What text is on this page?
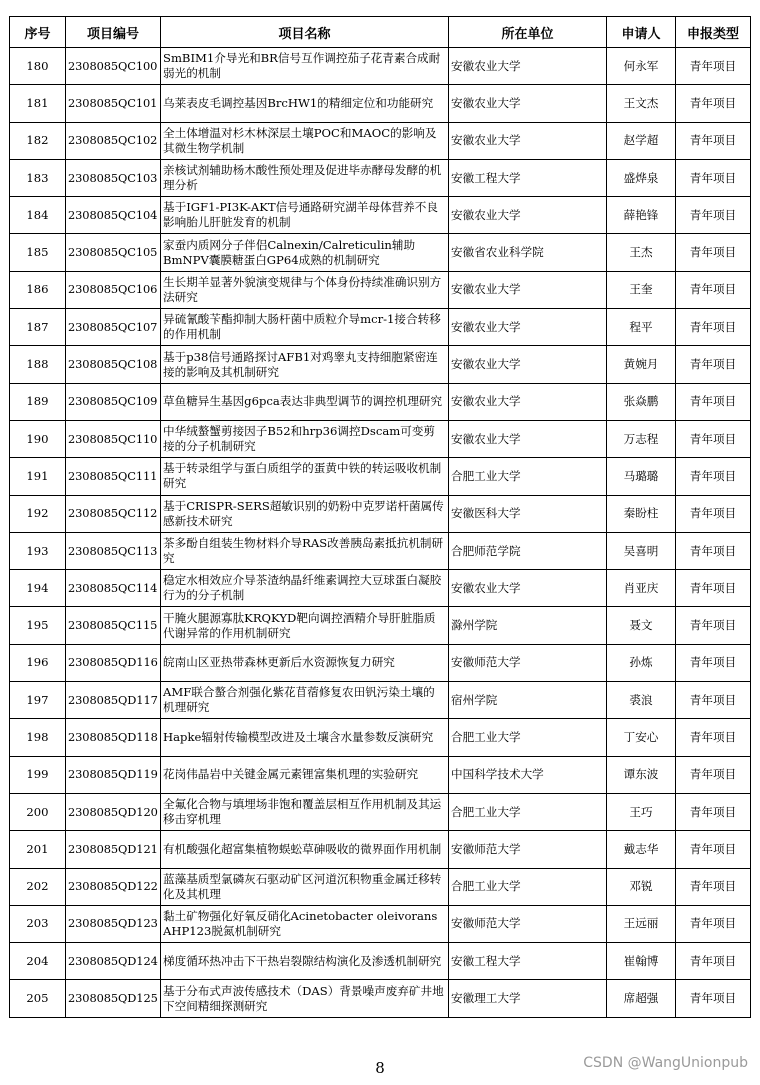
序号	项目编号	项目名称	所在单位	申请人	申报类型
180	2308085QC100	SmBIM1介导光和BR信号互作调控茄子花青素合成耐弱光的机制	安徽农业大学	何永军	青年项目
181	2308085QC101	乌莱表皮毛调控基因BrcHW1的精细定位和功能研究	安徽农业大学	王文杰	青年项目
182	2308085QC102	全土体增温对杉木林深层土壤POC和MAOC的影响及其微生物学机制	安徽农业大学	赵学超	青年项目
183	2308085QC103	亲核试剂辅助杨木酸性预处理及促进毕赤酵母发酵的机理分析	安徽工程大学	盛烨泉	青年项目
184	2308085QC104	基于IGF1-PI3K-AKT信号通路研究湖羊母体营养不良影响胎儿肝脏发育的机制	安徽农业大学	薛艳锋	青年项目
185	2308085QC105	家蚕内质网分子伴侣Calnexin/Calreticulin辅助BmNPV囊膜糖蛋白GP64成熟的机制研究	安徽省农业科学院	王杰	青年项目
186	2308085QC106	生长期羊显著外貌演变规律与个体身份持续准确识别方法研究	安徽农业大学	王奎	青年项目
187	2308085QC107	异硫氰酸苄酯抑制大肠杆菌中质粒介导mcr-1接合转移的作用机制	安徽农业大学	程平	青年项目
188	2308085QC108	基于p38信号通路探讨AFB1对鸡睾丸支持细胞紧密连接的影响及其机制研究	安徽农业大学	黄婉月	青年项目
189	2308085QC109	草鱼糖异生基因g6pca表达非典型调节的调控机理研究	安徽农业大学	张焱鹏	青年项目
190	2308085QC110	中华绒螯蟹剪接因子B52和hrp36调控Dscam可变剪接的分子机制研究	安徽农业大学	万志程	青年项目
191	2308085QC111	基于转录组学与蛋白质组学的蛋黄中铁的转运吸收机制研究	合肥工业大学	马璐璐	青年项目
192	2308085QC112	基于CRISPR-SERS超敏识别的奶粉中克罗诺杆菌属传感新技术研究	安徽医科大学	秦盼柱	青年项目
193	2308085QC113	茶多酚自组装生物材料介导RAS改善胰岛素抵抗机制研究	合肥师范学院	吴喜明	青年项目
194	2308085QC114	稳定水相效应介导茶渣纳晶纤维素调控大豆球蛋白凝胶行为的分子机制	安徽农业大学	肖亚庆	青年项目
195	2308085QC115	干腌火腿源寡肽KRQKYD靶向调控酒精介导肝脏脂质代谢异常的作用机制研究	滁州学院	聂文	青年项目
196	2308085QD116	皖南山区亚热带森林更新后水资源恢复力研究	安徽师范大学	孙炼	青年项目
197	2308085QD117	AMF联合螯合剂强化紫花苜蓿修复农田钒污染土壤的机理研究	宿州学院	裘浪	青年项目
198	2308085QD118	Hapke辐射传输模型改进及土壤含水量参数反演研究	合肥工业大学	丁安心	青年项目
199	2308085QD119	花岗伟晶岩中关键金属元素锂富集机理的实验研究	中国科学技术大学	谭东波	青年项目
200	2308085QD120	全氟化合物与填埋场非饱和覆盖层相互作用机制及其运移击穿机理	合肥工业大学	王巧	青年项目
201	2308085QD121	有机酸强化超富集植物蜈蚣草砷吸收的微界面作用机制	安徽师范大学	戴志华	青年项目
202	2308085QD122	蓝藻基质型氯磷灰石驱动矿区河道沉积物重金属迁移转化及其机理	合肥工业大学	邓锐	青年项目
203	2308085QD123	黏土矿物强化好氧反硝化Acinetobacter oleivorans AHP123脱氮机制研究	安徽师范大学	王远丽	青年项目
204	2308085QD124	梯度循环热冲击下干热岩裂隙结构演化及渗透机制研究	安徽工程大学	崔翰博	青年项目
205	2308085QD125	基于分布式声波传感技术（DAS）背景噪声废弃矿井地下空间精细探测研究	安徽理工大学	席超强	青年项目
8	CSDN @WangUnionpub
